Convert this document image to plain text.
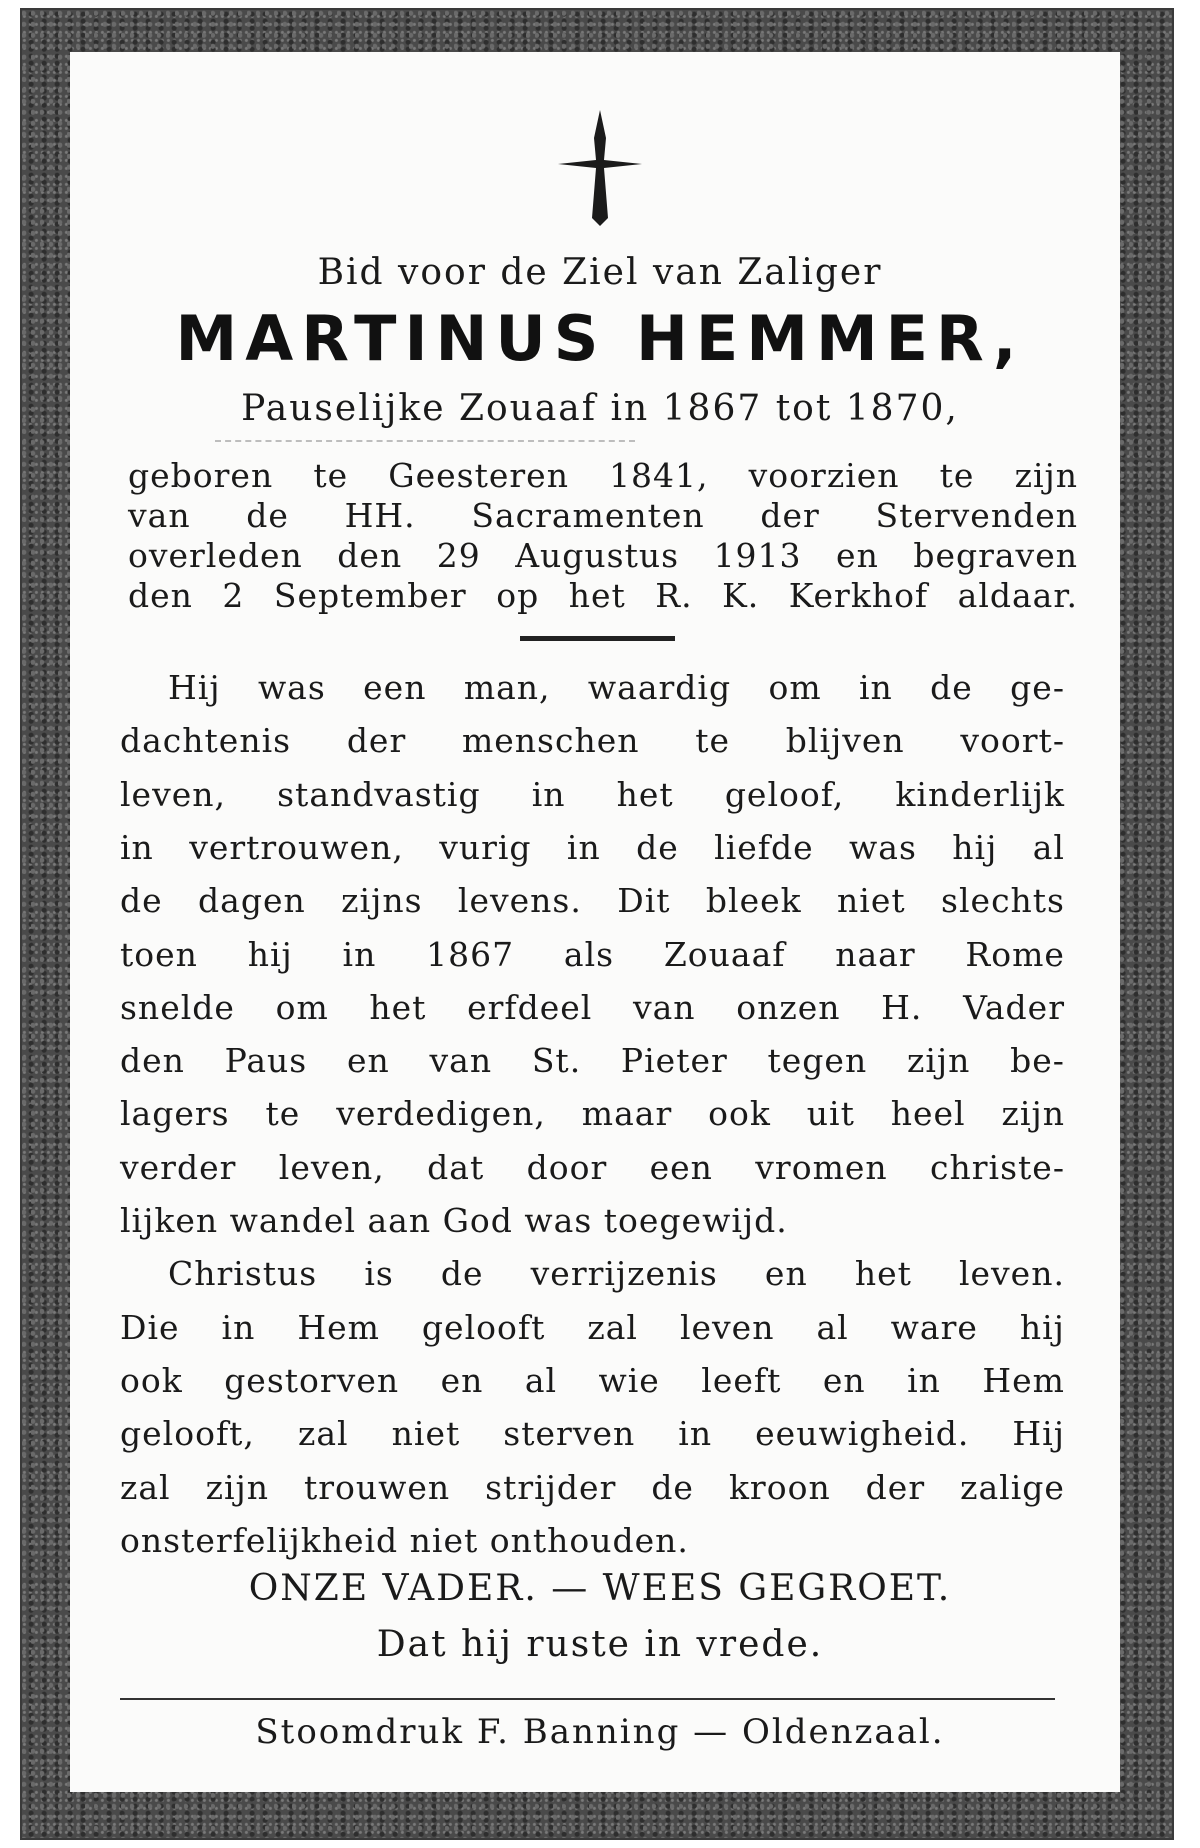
Bid voor de Ziel van Zaliger
MARTINUS HEMMER,
Pauselijke Zouaaf in 1867 tot 1870,
geboren te Geesteren 1841, voorzien te zijn
van de HH. Sacramenten der Stervenden
overleden den 29 Augustus 1913 en begraven
den 2 September op het R. K. Kerkhof aldaar.
Hij was een man, waardig om in de ge-
dachtenis der menschen te blijven voort-
leven, standvastig in het geloof, kinderlijk
in vertrouwen, vurig in de liefde was hij al
de dagen zijns levens. Dit bleek niet slechts
toen hij in 1867 als Zouaaf naar Rome
snelde om het erfdeel van onzen H. Vader
den Paus en van St. Pieter tegen zijn be-
lagers te verdedigen, maar ook uit heel zijn
verder leven, dat door een vromen christe-
lijken wandel aan God was toegewijd.
Christus is de verrijzenis en het leven.
Die in Hem gelooft zal leven al ware hij
ook gestorven en al wie leeft en in Hem
gelooft, zal niet sterven in eeuwigheid. Hij
zal zijn trouwen strijder de kroon der zalige
onsterfelijkheid niet onthouden.
ONZE VADER. — WEES GEGROET.
Dat hij ruste in vrede.
Stoomdruk F. Banning — Oldenzaal.
